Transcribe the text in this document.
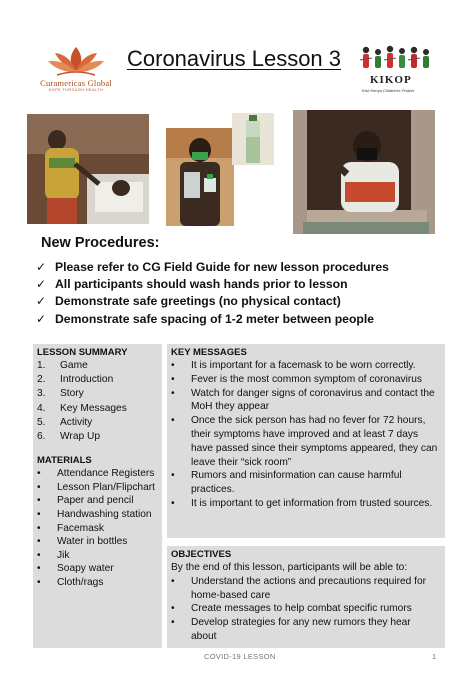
Curamericas Global
HOPE THROUGH HEALTH
Coronavirus Lesson 3
KIKOP
Kisii Kenya Children's Project
New Procedures:
✓ Please refer to CG Field Guide for new lesson procedures
✓ All participants should wash hands prior to lesson
✓ Demonstrate safe greetings (no physical contact)
✓ Demonstrate safe spacing of 1-2 meter between people
LESSON SUMMARY
1.	Game
2.	Introduction
3.	Story
4.	Key Messages
5.	Activity
6.	Wrap Up
MATERIALS
•	Attendance Registers
•	Lesson Plan/Flipchart
•	Paper and pencil
•	Handwashing station
•	Facemask
•	Water in bottles
•	Jik
•	Soapy water
•	Cloth/rags
KEY MESSAGES
•	It is important for a facemask to be worn correctly.
•	Fever is the most common symptom of coronavirus
•	Watch for danger signs of coronavirus and contact the MoH they appear
•	Once the sick person has had no fever for 72 hours, their symptoms have improved and at least 7 days have passed since their symptoms appeared, they can leave their “sick room”
•	Rumors and misinformation can cause harmful practices.
•	It is important to get information from trusted sources.
OBJECTIVES
By the end of this lesson, participants will be able to:
•	Understand the actions and precautions required for home-based care
•	Create messages to help combat specific rumors
•	Develop strategies for any new rumors they hear about
COVID-19 LESSON	1
